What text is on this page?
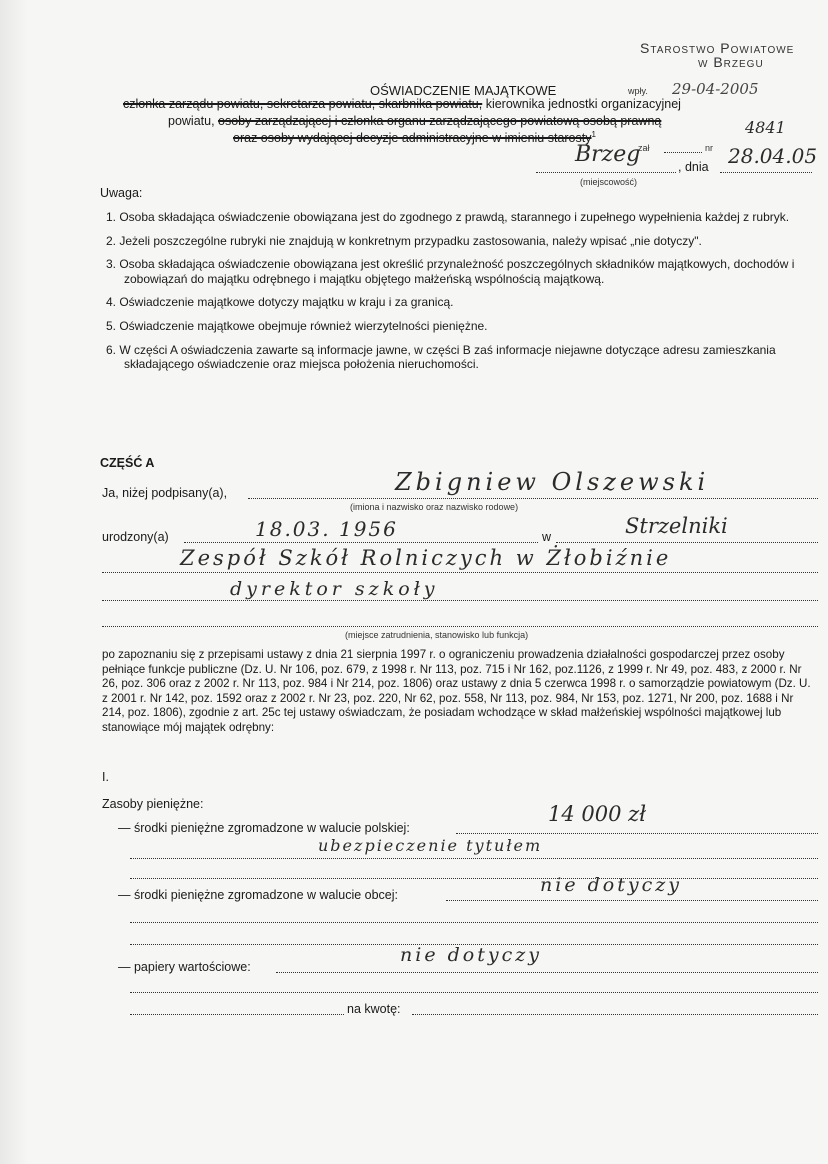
Starostwo Powiatowe
w Brzegu
wpły. 29-04-2005
4841
zał	nr
OŚWIADCZENIE MAJĄTKOWE
członka zarządu powiatu, sekretarza powiatu, skarbnika powiatu, kierownika jednostki organizacyjnej
powiatu, osoby zarządzającej i członka organu zarządzającego powiatową osobą prawną
oraz osoby wydającej decyzje administracyjne w imieniu starosty$^1$
Brzeg	, dnia 28.04.05
(miejscowość)
Uwaga:
1. Osoba składająca oświadczenie obowiązana jest do zgodnego z prawdą, starannego i zupełnego wypełnienia każdej z rubryk.
2. Jeżeli poszczególne rubryki nie znajdują w konkretnym przypadku zastosowania, należy wpisać „nie dotyczy".
3. Osoba składająca oświadczenie obowiązana jest określić przynależność poszczególnych składników majątkowych, dochodów i zobowiązań do majątku odrębnego i majątku objętego małżeńską wspólnością majątkową.
4. Oświadczenie majątkowe dotyczy majątku w kraju i za granicą.
5. Oświadczenie majątkowe obejmuje również wierzytelności pieniężne.
6. W części A oświadczenia zawarte są informacje jawne, w części B zaś informacje niejawne dotyczące adresu zamieszkania składającego oświadczenie oraz miejsca położenia nieruchomości.
CZĘŚĆ A
Ja, niżej podpisany(a),	Zbigniew Olszewski
(imiona i nazwisko oraz nazwisko rodowe)
urodzony(a)	18.03. 1956	w	Strzelniki
Zespół Szkół Rolniczych w Żłobiźnie
dyrektor szkoły
(miejsce zatrudnienia, stanowisko lub funkcja)
po zapoznaniu się z przepisami ustawy z dnia 21 sierpnia 1997 r. o ograniczeniu prowadzenia działalności gospodarczej przez osoby pełniące funkcje publiczne (Dz. U. Nr 106, poz. 679, z 1998 r. Nr 113, poz. 715 i Nr 162, poz.1126, z 1999 r. Nr 49, poz. 483, z 2000 r. Nr 26, poz. 306 oraz z 2002 r. Nr 113, poz. 984 i Nr 214, poz. 1806) oraz ustawy z dnia 5 czerwca 1998 r. o samorządzie powiatowym (Dz. U. z 2001 r. Nr 142, poz. 1592 oraz z 2002 r. Nr 23, poz. 220, Nr 62, poz. 558, Nr 113, poz. 984, Nr 153, poz. 1271, Nr 200, poz. 1688 i Nr 214, poz. 1806), zgodnie z art. 25c tej ustawy oświadczam, że posiadam wchodzące w skład małżeńskiej wspólności majątkowej lub stanowiące mój majątek odrębny:
I.
Zasoby pieniężne:
— środki pieniężne zgromadzone w walucie polskiej:
14 000 zł
ubezpieczenie tytułem
— środki pieniężne zgromadzone w walucie obcej:	nie dotyczy
— papiery wartościowe:
nie dotyczy
na kwotę:
